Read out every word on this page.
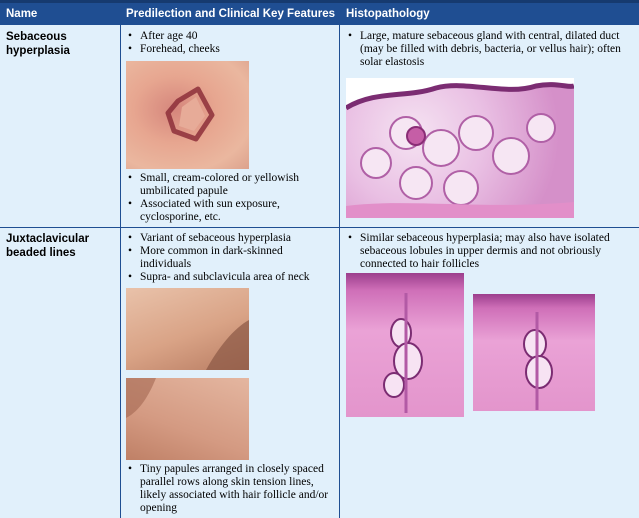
Name	Predilection and Clinical Key Features Histopathology
Sebaceous
hyperplasia
• After age 40
• Forehead, cheeks
• Small, cream-colored or yellowish umbilicated papule
• Associated with sun exposure, cyclosporine, etc.
• Large, mature sebaceous gland with central, dilated duct (may be filled with debris, bacteria, or vellus hair); often solar elastosis
Juxtaclavicular
beaded lines
• Variant of sebaceous hyperplasia
• More common in dark-skinned individuals
• Supra- and subclavicula area of neck
• Tiny papules arranged in closely spaced parallel rows along skin tension lines, likely associated with hair follicle and/or opening
• Similar sebaceous hyperplasia; may also have isolated sebaceous lobules in upper dermis and not obriously connected to hair follicles
